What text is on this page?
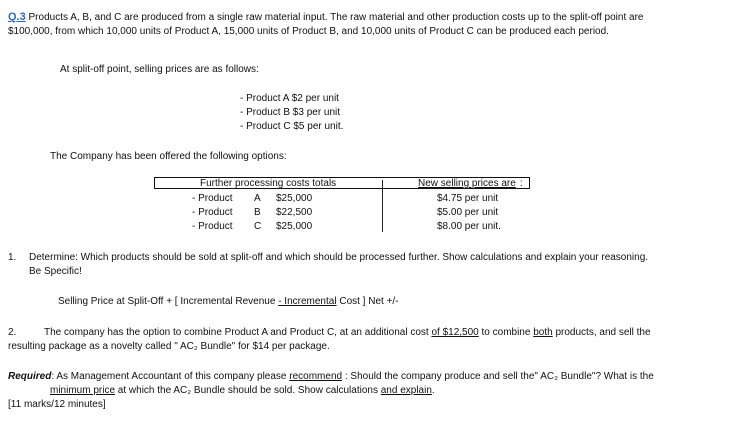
Q.3 Products A, B, and C are produced from a single raw material input. The raw material and other production costs up to the split-off point are
$100,000, from which 10,000 units of Product A, 15,000 units of Product B, and 10,000 units of Product C can be produced each period.
At split-off point, selling prices are as follows:
- Product A $2 per unit
- Product B $3 per unit
- Product C $5 per unit.
The Company has been offered the following options:
Further processing costs totals	New selling prices are :
- Product A $25,000	$4.75 per unit
- Product B $22,500	$5.00 per unit
- Product C $25,000	$8.00 per unit.
1. Determine: Which products should be sold at split-off and which should be processed further. Show calculations and explain your reasoning.
Be Specific!
Selling Price at Split-Off + [ Incremental Revenue - Incremental Cost ] Net +/-
2.	The company has the option to combine Product A and Product C, at an additional cost of $12,500 to combine both products, and sell the
resulting package as a novelty called " AC₂ Bundle" for $14 per package.
Required: As Management Accountant of this company please recommend : Should the company produce and sell the" AC₂ Bundle"? What is the
minimum price at which the AC₂ Bundle should be sold. Show calculations and explain.
[11 marks/12 minutes]
